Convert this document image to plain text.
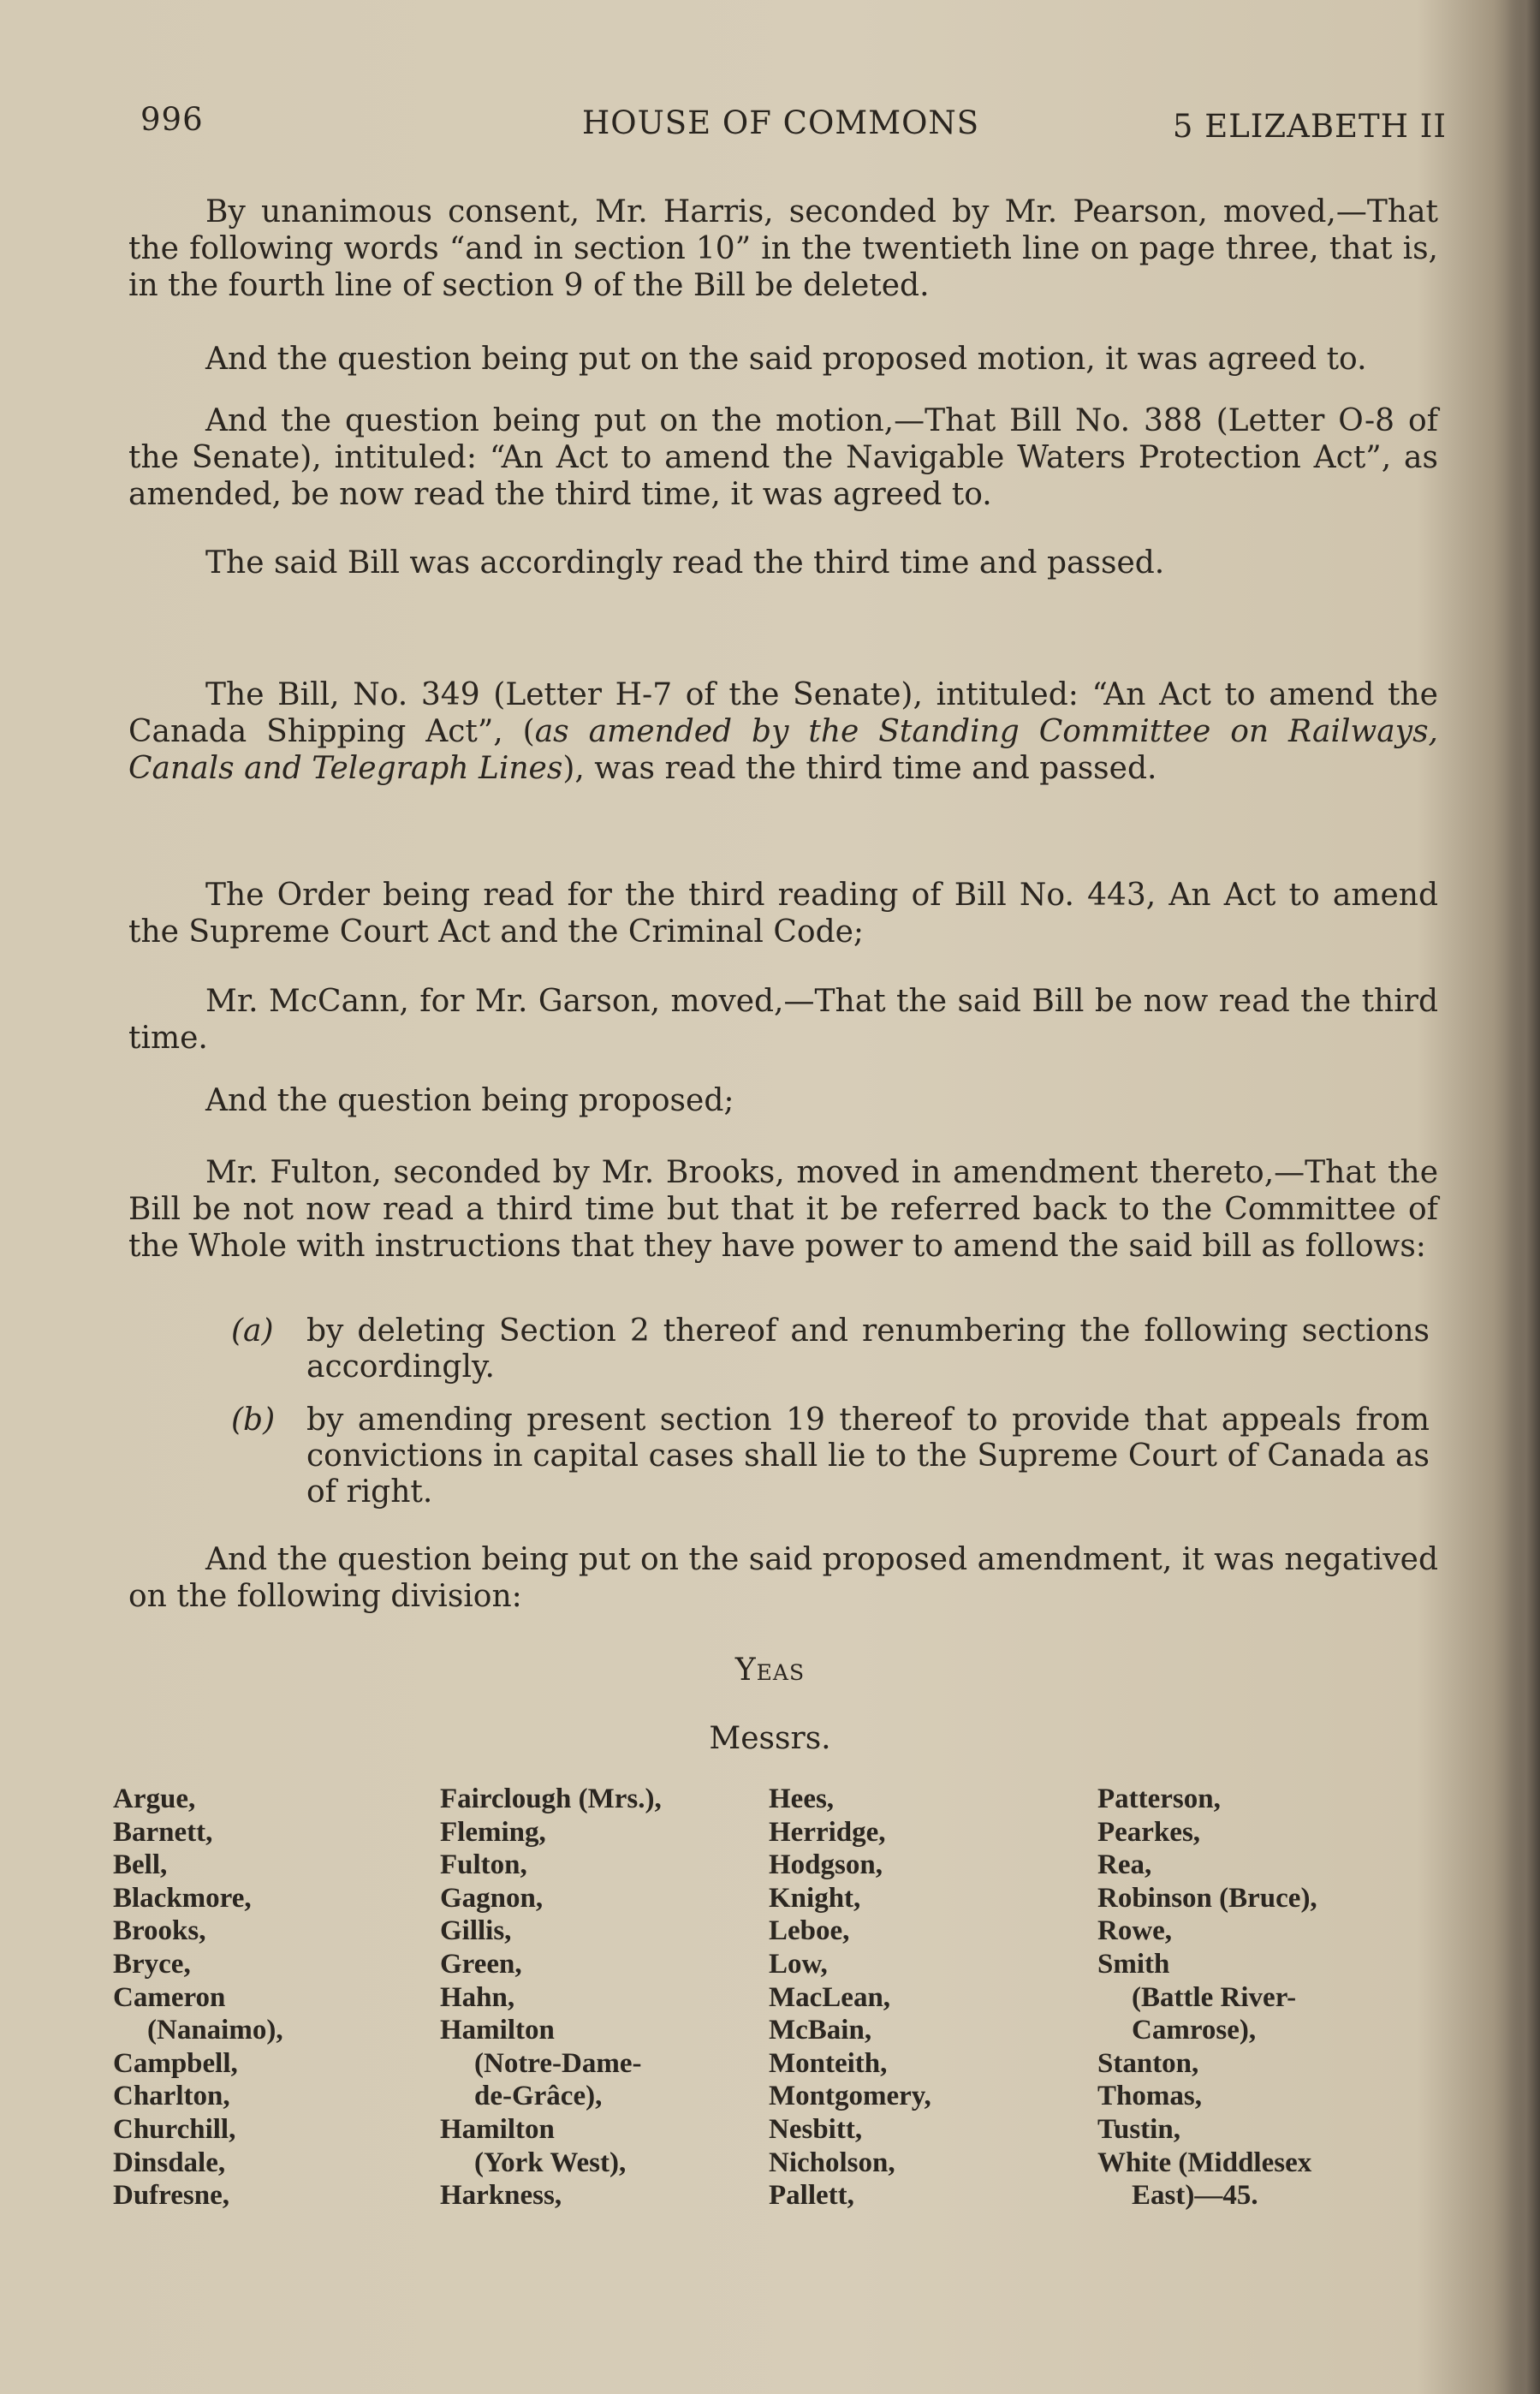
996	HOUSE OF COMMONS	5 ELIZABETH II

By unanimous consent, Mr. Harris, seconded by Mr. Pearson, moved,—That the following words “and in section 10” in the twentieth line on page three, that is, in the fourth line of section 9 of the Bill be deleted.

And the question being put on the said proposed motion, it was agreed to.

And the question being put on the motion,—That Bill No. 388 (Letter O-8 of the Senate), intituled: “An Act to amend the Navigable Waters Protection Act”, as amended, be now read the third time, it was agreed to.

The said Bill was accordingly read the third time and passed.

The Bill, No. 349 (Letter H-7 of the Senate), intituled: “An Act to amend the Canada Shipping Act”, (as amended by the Standing Committee on Railways, Canals and Telegraph Lines), was read the third time and passed.

The Order being read for the third reading of Bill No. 443, An Act to amend the Supreme Court Act and the Criminal Code;

Mr. McCann, for Mr. Garson, moved,—That the said Bill be now read the third time.

And the question being proposed;

Mr. Fulton, seconded by Mr. Brooks, moved in amendment thereto,—That the Bill be not now read a third time but that it be referred back to the Committee of the Whole with instructions that they have power to amend the said bill as follows:

(a) by deleting Section 2 thereof and renumbering the following sections accordingly.
(b) by amending present section 19 thereof to provide that appeals from convictions in capital cases shall lie to the Supreme Court of Canada as of right.

And the question being put on the said proposed amendment, it was negatived on the following division:

Yeas
Messrs.
Argue,
Barnett,
Bell,
Blackmore,
Brooks,
Bryce,
Cameron
(Nanaimo),
Campbell,
Charlton,
Churchill,
Dinsdale,
Dufresne,
Fairclough (Mrs.),
Fleming,
Fulton,
Gagnon,
Gillis,
Green,
Hahn,
Hamilton
(Notre-Dame-
de-Grâce),
Hamilton
(York West),
Harkness,
Hees,
Herridge,
Hodgson,
Knight,
Leboe,
Low,
MacLean,
McBain,
Monteith,
Montgomery,
Nesbitt,
Nicholson,
Pallett,
Patterson,
Pearkes,
Rea,
Robinson (Bruce),
Rowe,
Smith
(Battle River-
Camrose),
Stanton,
Thomas,
Tustin,
White (Middlesex
East)—45.
